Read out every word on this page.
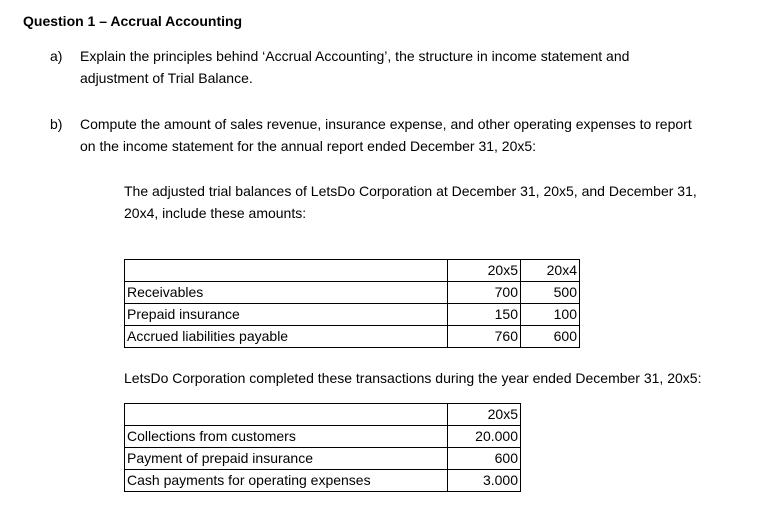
Question 1 – Accrual Accounting
a) Explain the principles behind ‘Accrual Accounting’, the structure in income statement and
adjustment of Trial Balance.
b) Compute the amount of sales revenue, insurance expense, and other operating expenses to report
on the income statement for the annual report ended December 31, 20x5:
The adjusted trial balances of LetsDo Corporation at December 31, 20x5, and December 31,
20x4, include these amounts:
	20x5	20x4
Receivables	700	500
Prepaid insurance	150	100
Accrued liabilities payable	760	600
LetsDo Corporation completed these transactions during the year ended December 31, 20x5:
	20x5
Collections from customers	20.000
Payment of prepaid insurance	600
Cash payments for operating expenses	3.000
